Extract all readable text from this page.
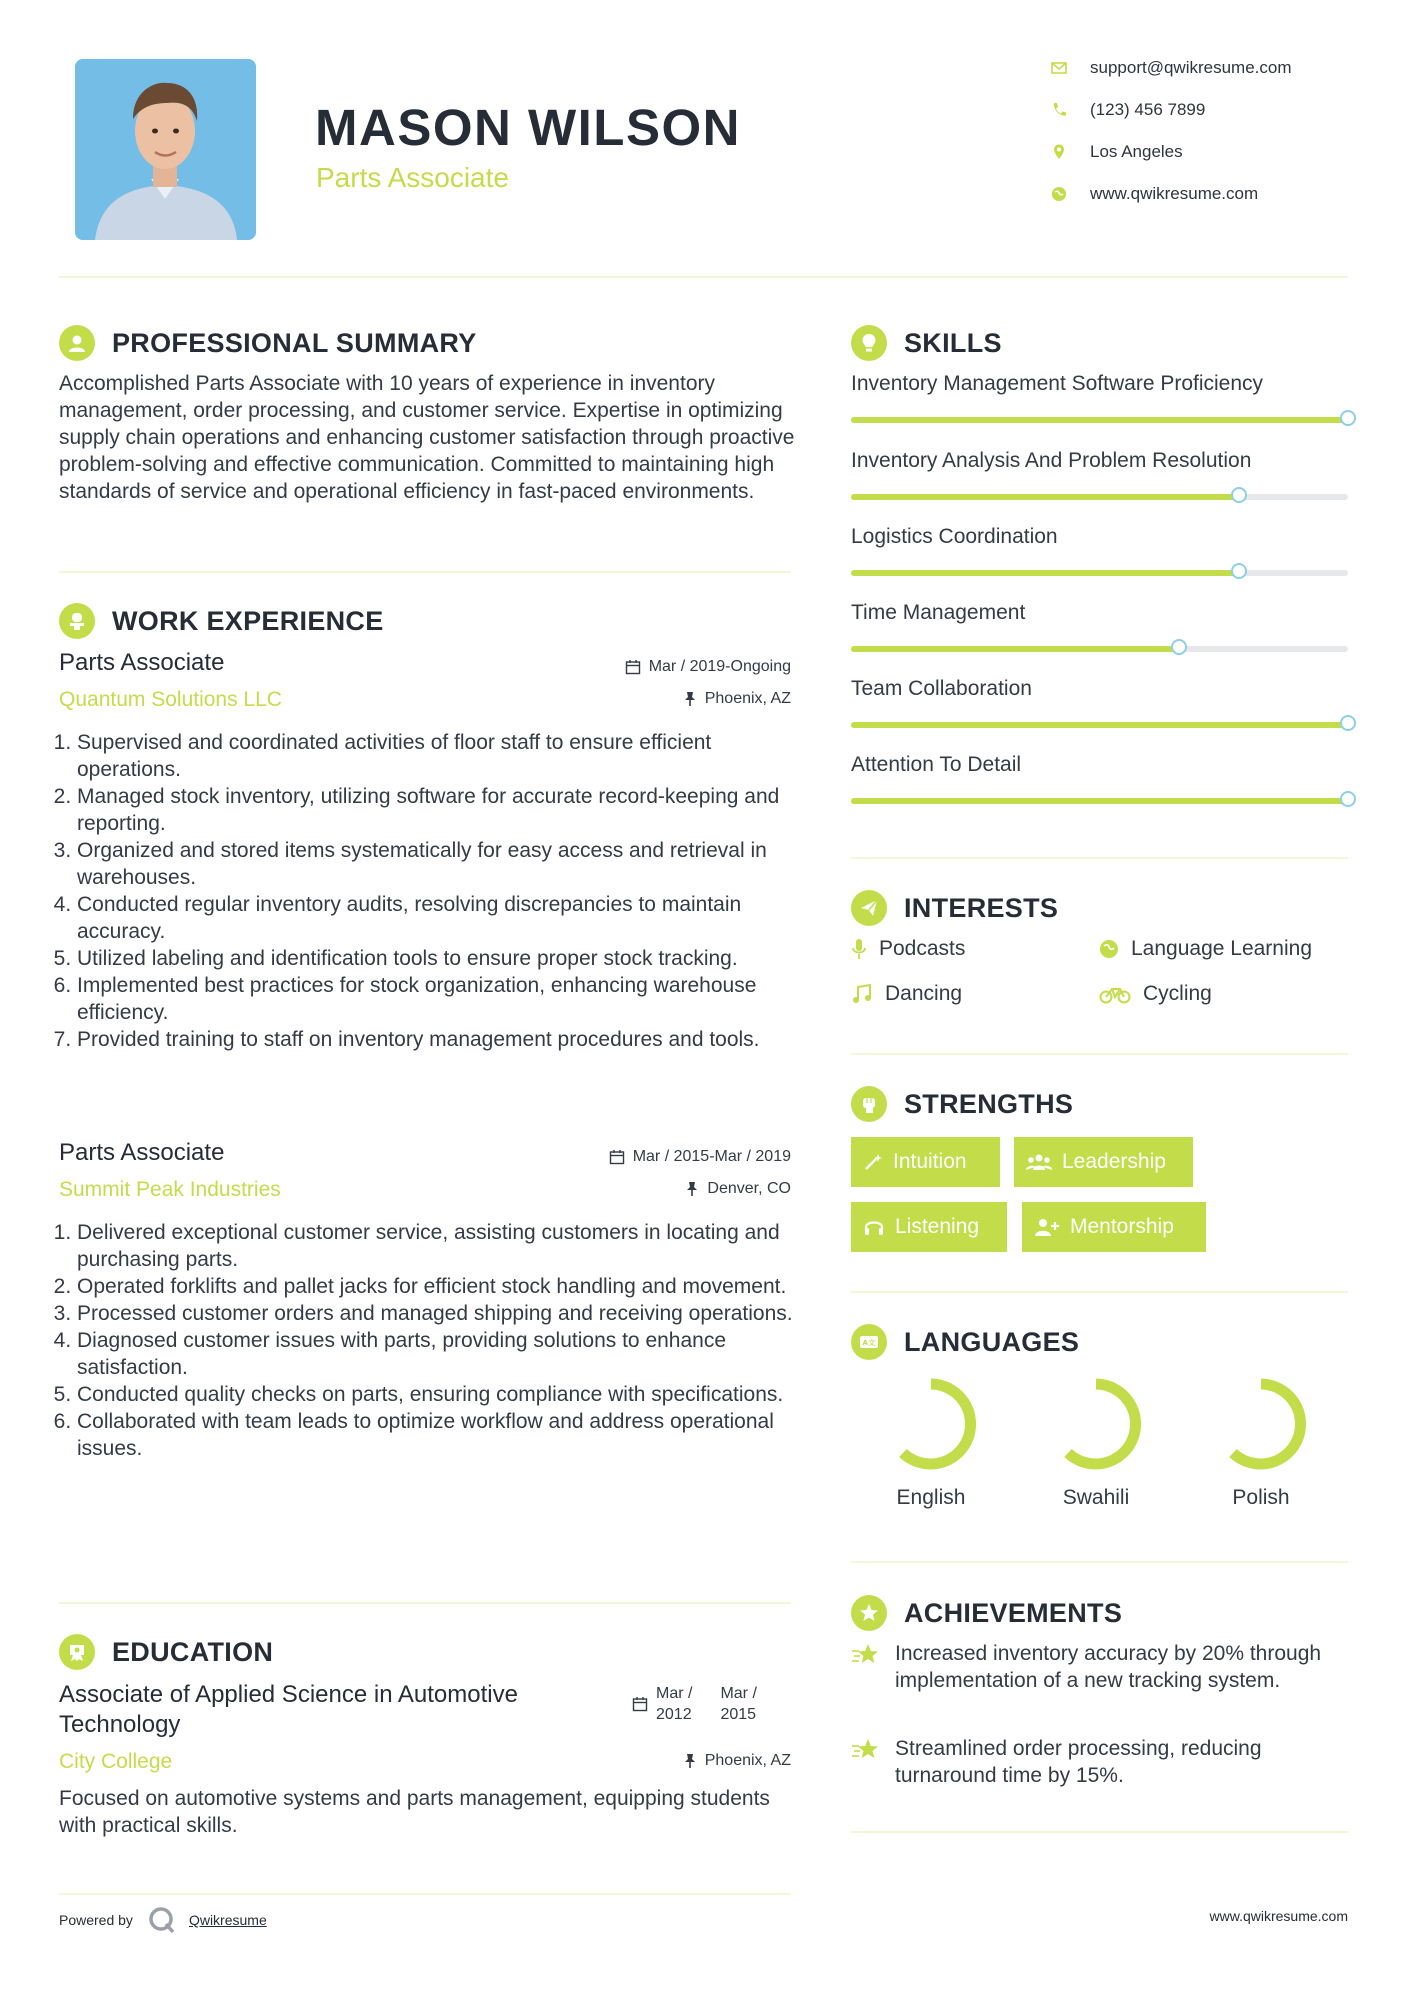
MASON WILSON
Parts Associate
support@qwikresume.com
(123) 456 7899
Los Angeles
www.qwikresume.com
PROFESSIONAL SUMMARY
Accomplished Parts Associate with 10 years of experience in inventory management, order processing, and customer service. Expertise in optimizing supply chain operations and enhancing customer satisfaction through proactive problem-solving and effective communication. Committed to maintaining high standards of service and operational efficiency in fast-paced environments.
WORK EXPERIENCE
Parts Associate
Quantum Solutions LLC
Mar / 2019-Ongoing
Phoenix, AZ
1. Supervised and coordinated activities of floor staff to ensure efficient operations.
2. Managed stock inventory, utilizing software for accurate record-keeping and reporting.
3. Organized and stored items systematically for easy access and retrieval in warehouses.
4. Conducted regular inventory audits, resolving discrepancies to maintain accuracy.
5. Utilized labeling and identification tools to ensure proper stock tracking.
6. Implemented best practices for stock organization, enhancing warehouse efficiency.
7. Provided training to staff on inventory management procedures and tools.
Parts Associate
Summit Peak Industries
Mar / 2015-Mar / 2019
Denver, CO
1. Delivered exceptional customer service, assisting customers in locating and purchasing parts.
2. Operated forklifts and pallet jacks for efficient stock handling and movement.
3. Processed customer orders and managed shipping and receiving operations.
4. Diagnosed customer issues with parts, providing solutions to enhance satisfaction.
5. Conducted quality checks on parts, ensuring compliance with specifications.
6. Collaborated with team leads to optimize workflow and address operational issues.
EDUCATION
Associate of Applied Science in Automotive
Technology
City College
Mar /
2012
Mar /
2015
Phoenix, AZ
Focused on automotive systems and parts management, equipping students with practical skills.
Powered by	Qwikresume	www.qwikresume.com
SKILLS
Inventory Management Software Proficiency
Inventory Analysis And Problem Resolution
Logistics Coordination
Time Management
Team Collaboration
Attention To Detail
INTERESTS
Podcasts	Language Learning
Dancing	Cycling
STRENGTHS
Intuition	Leadership
Listening	Mentorship
A文 LANGUAGES
English	Swahili	Polish
ACHIEVEMENTS
Increased inventory accuracy by 20% through implementation of a new tracking system.
Streamlined order processing, reducing turnaround time by 15%.
